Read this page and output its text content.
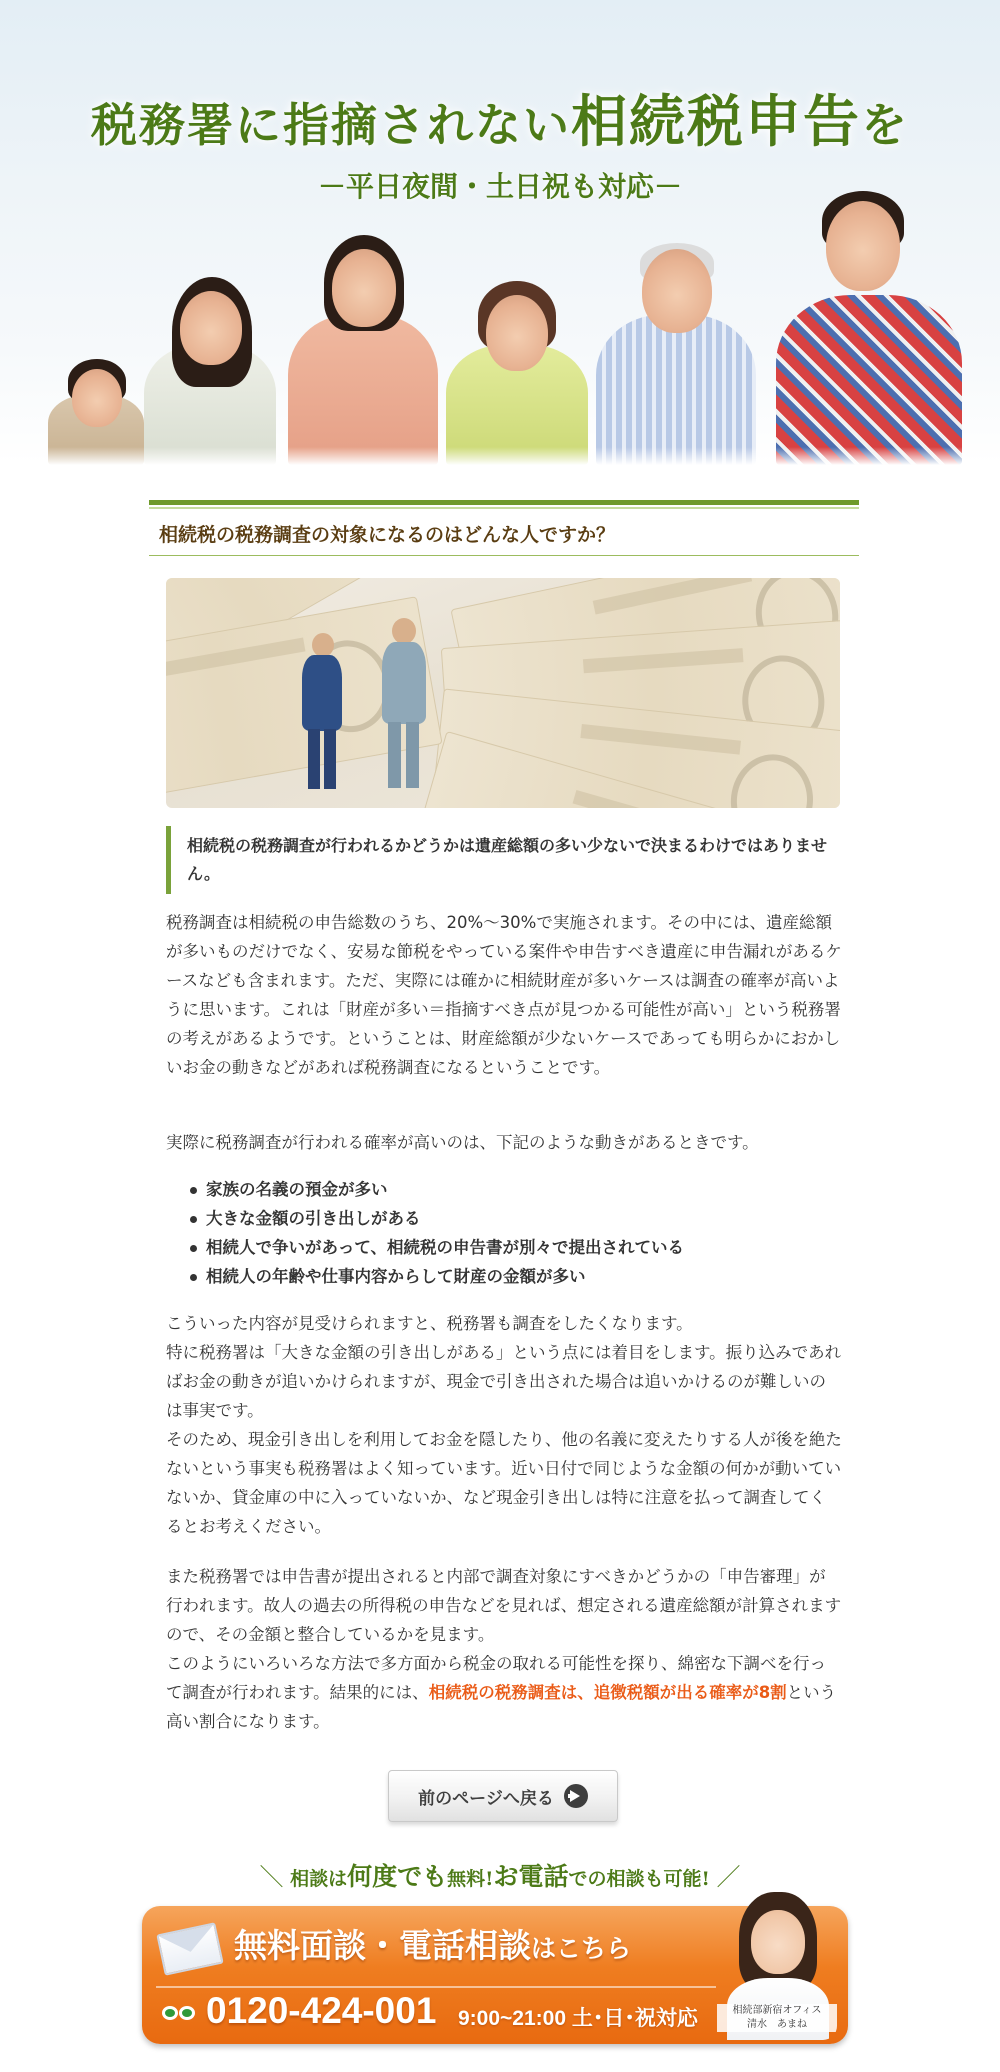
税務署に指摘されない相続税申告を
－平日夜間・土日祝も対応－
相続税の税務調査の対象になるのはどんな人ですか？

相続税の税務調査が行われるかどうかは遺産総額の多い少ないで決まるわけではありません。

税務調査は相続税の申告総数のうち、20%～30%で実施されます。その中には、遺産総額が多いものだけでなく、安易な節税をやっている案件や申告すべき遺産に申告漏れがあるケースなども含まれます。ただ、実際には確かに相続財産が多いケースは調査の確率が高いように思います。これは「財産が多い＝指摘すべき点が見つかる可能性が高い」という税務署の考えがあるようです。ということは、財産総額が少ないケースであっても明らかにおかしいお金の動きなどがあれば税務調査になるということです。

実際に税務調査が行われる確率が高いのは、下記のような動きがあるときです。

家族の名義の預金が多い
大きな金額の引き出しがある
相続人で争いがあって、相続税の申告書が別々で提出されている
相続人の年齢や仕事内容からして財産の金額が多い
こういった内容が見受けられますと、税務署も調査をしたくなります。
特に税務署は「大きな金額の引き出しがある」という点には着目をします。振り込みであればお金の動きが追いかけられますが、現金で引き出された場合は追いかけるのが難しいのは事実です。
そのため、現金引き出しを利用してお金を隠したり、他の名義に変えたりする人が後を絶たないという事実も税務署はよく知っています。近い日付で同じような金額の何かが動いていないか、貸金庫の中に入っていないか、など現金引き出しは特に注意を払って調査してくるとお考えください。
また税務署では申告書が提出されると内部で調査対象にすべきかどうかの「申告審理」が行われます。故人の過去の所得税の申告などを見れば、想定される遺産総額が計算されますので、その金額と整合しているかを見ます。
このようにいろいろな方法で多方面から税金の取れる可能性を探り、綿密な下調べを行って調査が行われます。結果的には、相続税の税務調査は、追徴税額が出る確率が8割という高い割合になります。
前のページへ戻る
＼ 相談は何度でも無料!お電話での相談も可能! ／
無料面談・電話相談はこちら
0120-424-001 9:00~21:00 土･日･祝対応	相続部新宿オフィス
清水　あまね
